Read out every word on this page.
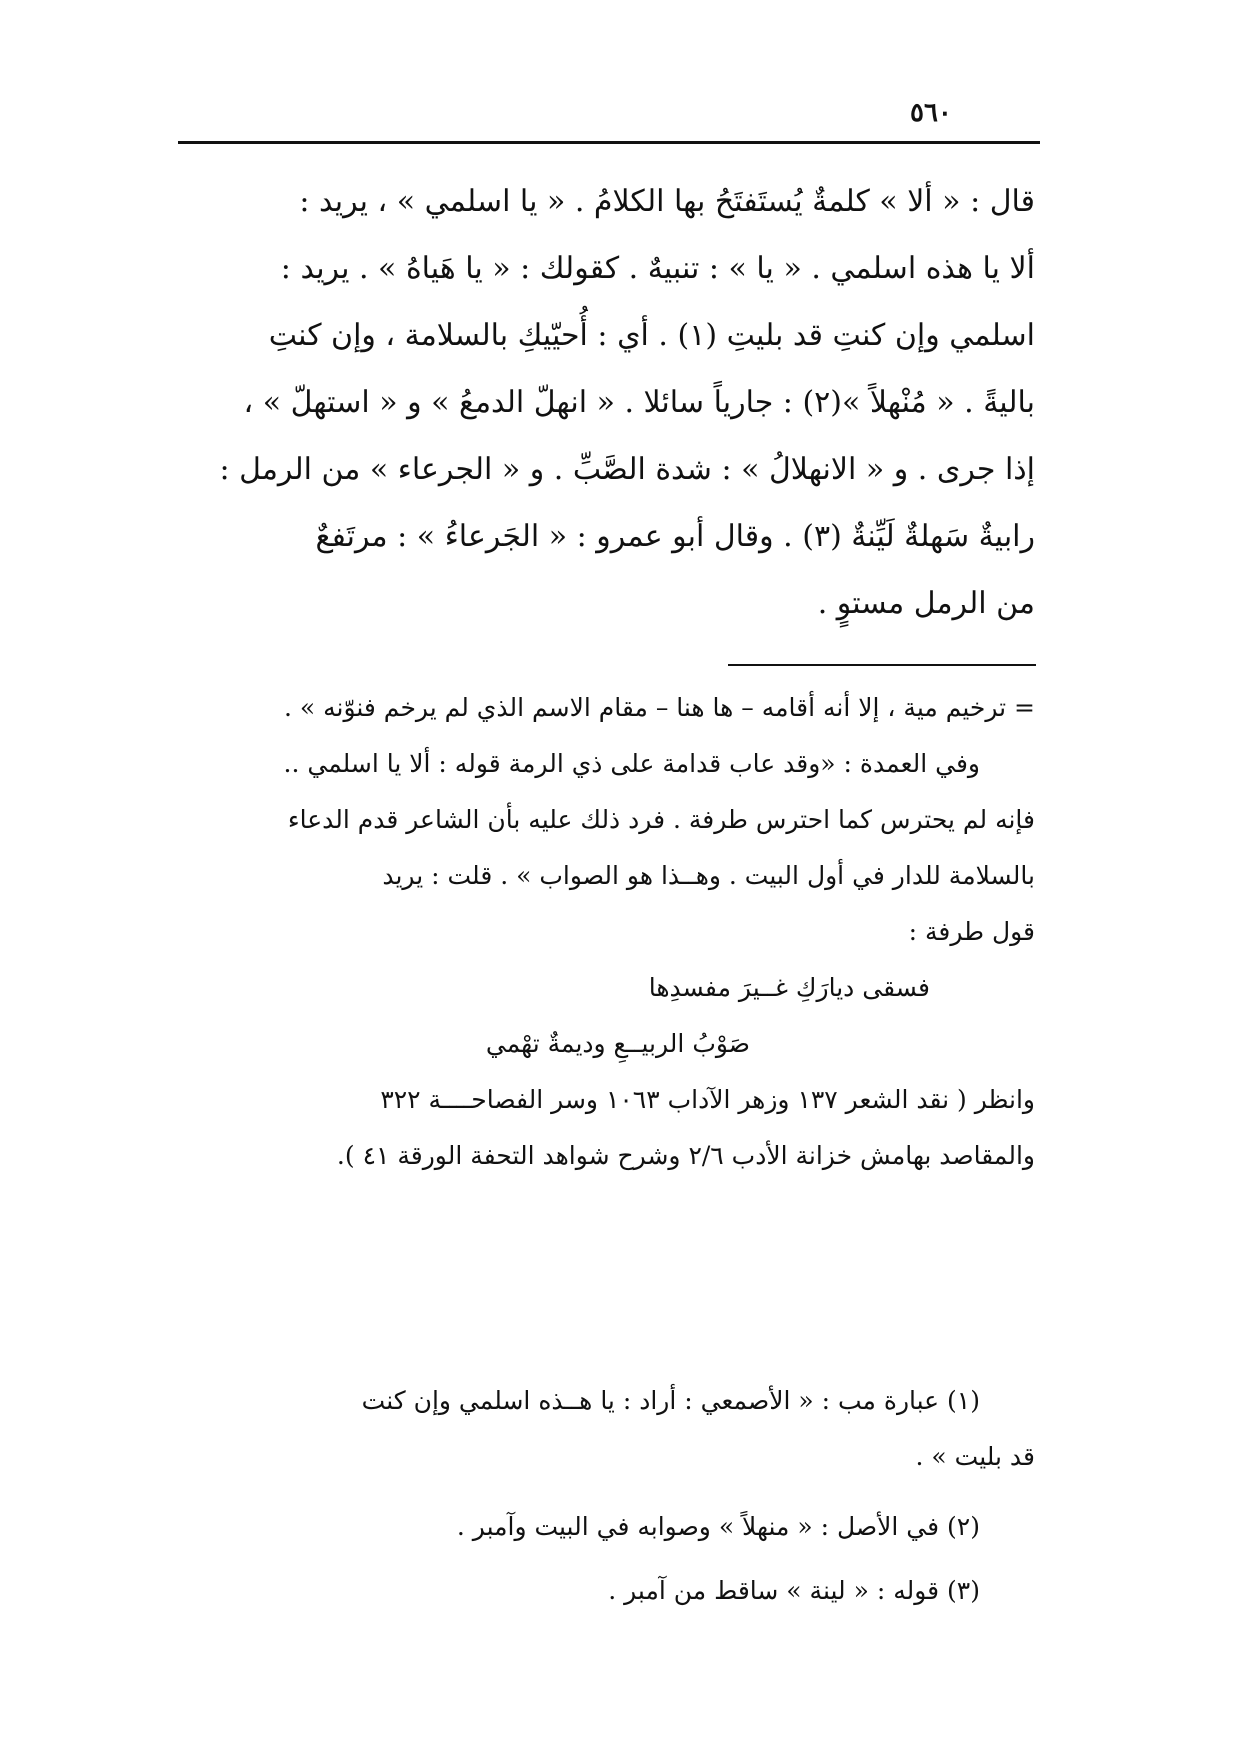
٥٦٠

قال : « ألا » كلمةٌ يُستَفتَحُ بها الكلامُ . « يا اسلمي » ، يريد :

ألا يا هذه اسلمي . « يا » : تنبيهٌ . كقولك : « يا هَياهُ » . يريد :

اسلمي وإن كنتِ قد بليتِ (١) . أي : أُحيّيكِ بالسلامة ، وإن كنتِ

باليةً . « مُنْهلاً »(٢) : جارياً سائلا . « انهلّ الدمعُ » و « استهلّ » ،

إذا جرى . و « الانهلالُ » : شدة الصَّبِّ . و « الجرعاء » من الرمل :

رابيةٌ سَهلةٌ لَيِّنةٌ (٣) . وقال أبو عمرو : « الجَرعاءُ » : مرتَفعٌ

من الرمل مستوٍ .

= ترخيم مية ، إلا أنه أقامه – ها هنا – مقام الاسم الذي لم يرخم فنوّنه » .

وفي العمدة : «وقد عاب قدامة على ذي الرمة قوله : ألا يا اسلمي ..

فإنه لم يحترس كما احترس طرفة . فرد ذلك عليه بأن الشاعر قدم الدعاء

بالسلامة للدار في أول البيت . وهــذا هو الصواب » . قلت : يريد

قول طرفة :

فسقى ديارَكِ غــيرَ مفسدِها

صَوْبُ الربيــعِ وديمةٌ تهْمي

وانظر ( نقد الشعر ١٣٧ وزهر الآداب ١٠٦٣ وسر الفصاحــــة ٣٢٢

والمقاصد بهامش خزانة الأدب ٢/٦ وشرح شواهد التحفة الورقة ٤١ ).

(١) عبارة مب : « الأصمعي : أراد : يا هــذه اسلمي وإن كنت

قد بليت » .

(٢) في الأصل : « منهلاً » وصوابه في البيت وآمبر .

(٣) قوله : « لينة » ساقط من آمبر .
